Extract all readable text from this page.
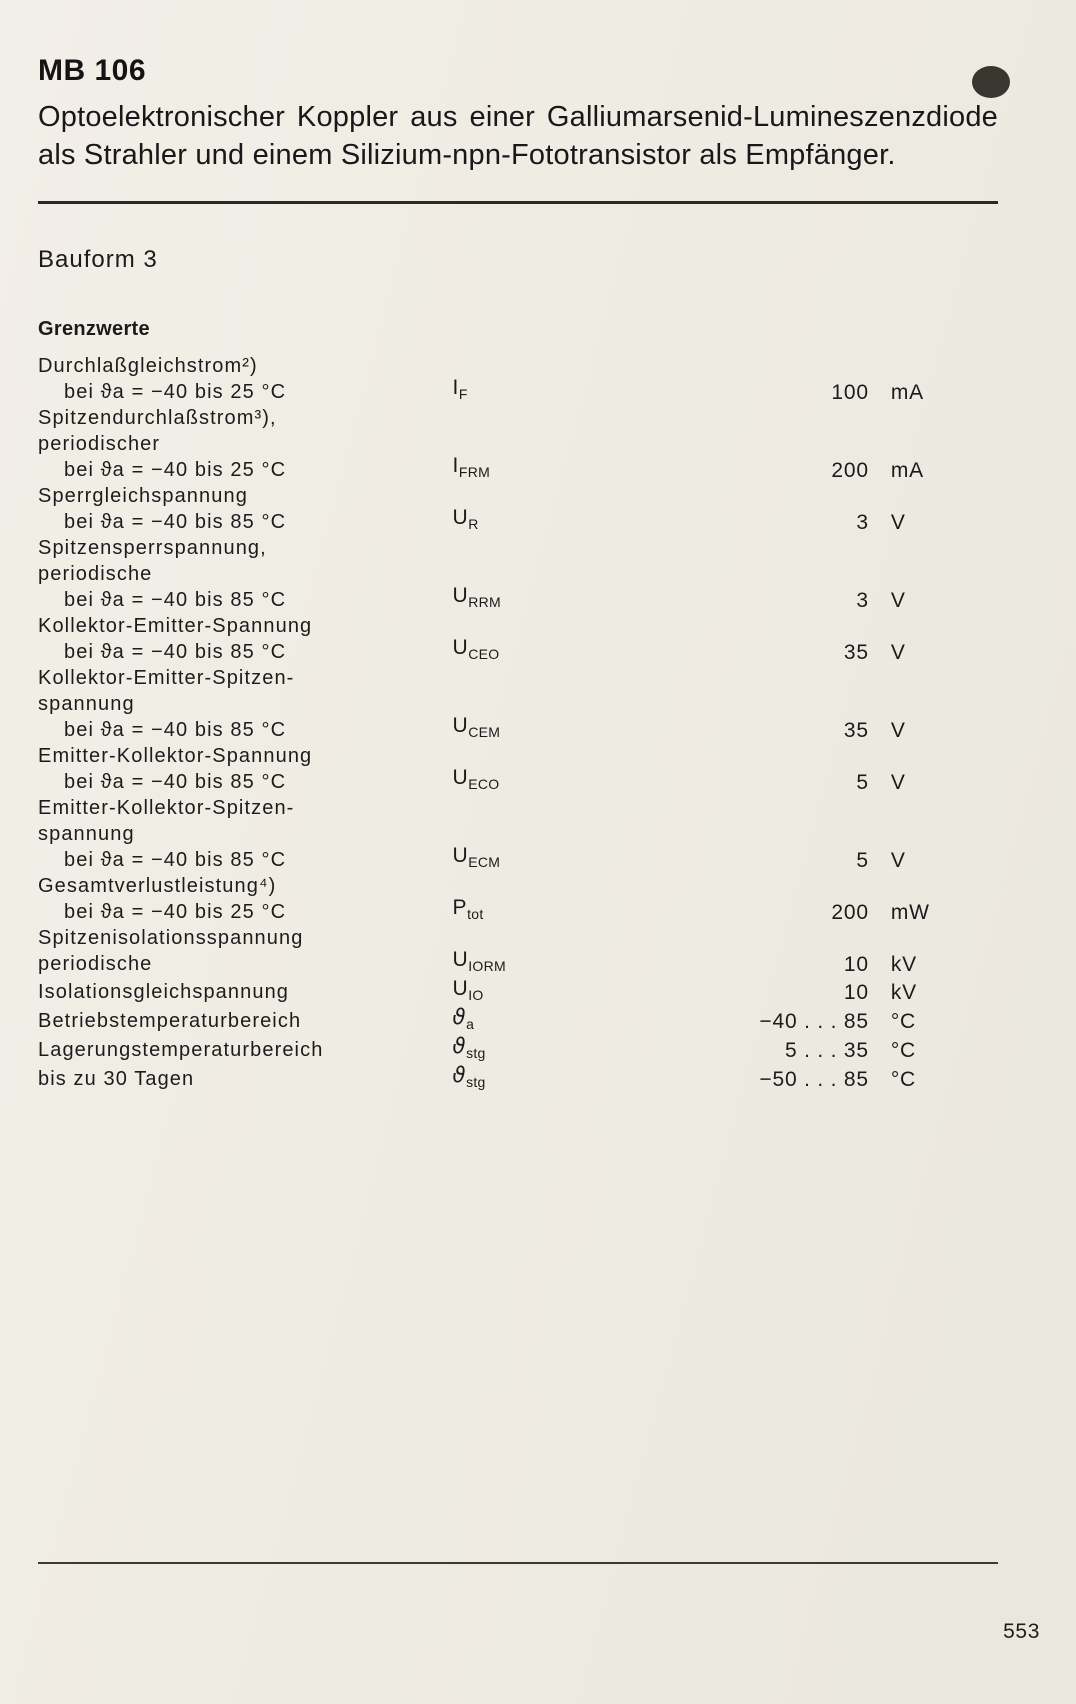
MB 106

Optoelektronischer Koppler aus einer Galliumarsenid-Lumineszenzdiode als Strahler und einem Silizium-npn-Fototransistor als Empfänger.

Bauform 3
Grenzwerte
Durchlaßgleichstrom²)
bei ϑa = −40 bis 25 °C	$I_F$	100	mA

Spitzendurchlaßstrom³),
periodischer
bei ϑa = −40 bis 25 °C	$I_{FRM}$	200	mA

Sperrgleichspannung
bei ϑa = −40 bis 85 °C	$U_R$	3	V

Spitzensperrspannung,
periodische
bei ϑa = −40 bis 85 °C	$U_{RRM}$	3	V

Kollektor-Emitter-Spannung
bei ϑa = −40 bis 85 °C	$U_{CEO}$	35	V

Kollektor-Emitter-Spitzen-
spannung
bei ϑa = −40 bis 85 °C	$U_{CEM}$	35	V

Emitter-Kollektor-Spannung
bei ϑa = −40 bis 85 °C	$U_{ECO}$	5	V

Emitter-Kollektor-Spitzen-
spannung
bei ϑa = −40 bis 85 °C	$U_{ECM}$	5	V

Gesamtverlustleistung⁴)
bei ϑa = −40 bis 25 °C	$P_{tot}$	200	mW

Spitzenisolationsspannung
periodische	$U_{IORM}$	10	kV

Isolationsgleichspannung	$U_{IO}$	10	kV

Betriebstemperaturbereich	$ϑ_a$	−40 . . . 85	°C

Lagerungstemperaturbereich	$ϑ_{stg}$	5 . . . 35	°C

bis zu 30 Tagen	$ϑ_{stg}$	−50 . . . 85	°C
553
